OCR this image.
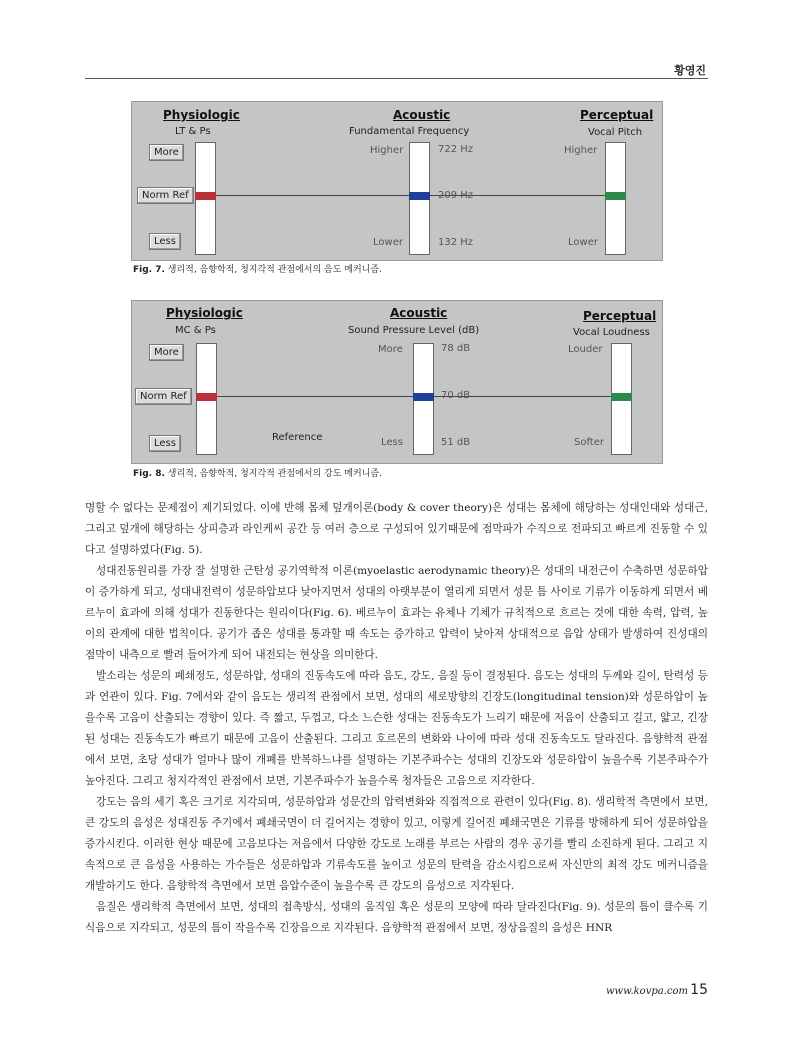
황영진
Physiologic
LT & Ps
Acoustic
Fundamental Frequency
Perceptual
Vocal Pitch
More
Norm Ref
Less
Higher
Lower
722 Hz
209 Hz
132 Hz
Higher
Lower
Fig. 7. 생리적, 음향학적, 청지각적 관점에서의 음도 메커니즘.
Physiologic
MC & Ps
Acoustic
Sound Pressure Level (dB)
Perceptual
Vocal Loudness
More
Norm Ref
Less
Reference
More
Less
78 dB
70 dB
51 dB
Louder
Softer
Fig. 8. 생리적, 음향학적, 청지각적 관점에서의 강도 메커니즘.

명할 수 없다는 문제점이 제기되었다. 이에 반해 몸체 덮개이론(body & cover theory)은 성대는 몸체에 해당하는 성대인대와 성대근, 그리고 덮개에 해당하는 상피층과 라인케씨 공간 등 여러 층으로 구성되어 있기때문에 점막파가 수직으로 전파되고 빠르게 진동할 수 있다고 설명하였다(Fig. 5).

성대진동원리를 가장 잘 설명한 근탄성 공기역학적 이론(myoelastic aerodynamic theory)은 성대의 내전근이 수축하면 성문하압이 증가하게 되고, 성대내전력이 성문하압보다 낮아지면서 성대의 아랫부분이 열리게 되면서 성문 틈 사이로 기류가 이동하게 되면서 베르누이 효과에 의해 성대가 진동한다는 원리이다(Fig. 6). 베르누이 효과는 유체나 기체가 규칙적으로 흐르는 것에 대한 속력, 압력, 높이의 관계에 대한 법칙이다. 공기가 좁은 성대를 통과할 때 속도는 증가하고 압력이 낮아져 상대적으로 음압 상태가 발생하여 진성대의 점막이 내측으로 빨려 들어가게 되어 내전되는 현상을 의미한다.

발소리는 성문의 폐쇄정도, 성문하압, 성대의 진동속도에 따라 음도, 강도, 음질 등이 결정된다. 음도는 성대의 두께와 길이, 탄력성 등과 연관이 있다. Fig. 7에서와 같이 음도는 생리적 관점에서 보면, 성대의 세로방향의 긴장도(longitudinal tension)와 성문하압이 높을수록 고음이 산출되는 경향이 있다. 즉 짧고, 두껍고, 다소 느슨한 성대는 진동속도가 느리기 때문에 저음이 산출되고 길고, 얇고, 긴장된 성대는 진동속도가 빠르기 때문에 고음이 산출된다. 그리고 호르몬의 변화와 나이에 따라 성대 진동속도도 달라진다. 음향학적 관점에서 보면, 초당 성대가 얼마나 많이 개폐를 반복하느냐를 설명하는 기본주파수는 성대의 긴장도와 성문하압이 높을수록 기본주파수가 높아진다. 그리고 청지각적인 관점에서 보면, 기본주파수가 높을수록 청자들은 고음으로 지각한다.

강도는 음의 세기 혹은 크기로 지각되며, 성문하압과 성문간의 압력변화와 직접적으로 관련이 있다(Fig. 8). 생리학적 측면에서 보면, 큰 강도의 음성은 성대진동 주기에서 폐쇄국면이 더 길어지는 경향이 있고, 이렇게 길어진 폐쇄국면은 기류를 방해하게 되어 성문하압을 증가시킨다. 이러한 현상 때문에 고음보다는 저음에서 다양한 강도로 노래를 부르는 사람의 경우 공기를 빨리 소진하게 된다. 그리고 지속적으로 큰 음성을 사용하는 가수들은 성문하압과 기류속도를 높이고 성문의 탄력을 감소시킴으로써 자신만의 최적 강도 메커니즘을 개발하기도 한다. 음향학적 측면에서 보면 음압수준이 높을수록 큰 강도의 음성으로 지각된다.

음질은 생리학적 측면에서 보면, 성대의 접촉방식, 성대의 움직임 혹은 성문의 모양에 따라 달라진다(Fig. 9). 성문의 틈이 클수록 기식음으로 지각되고, 성문의 틈이 작을수록 긴장음으로 지각된다. 음향학적 관점에서 보면, 정상음질의 음성은 HNR

www.kovpa.com 15
